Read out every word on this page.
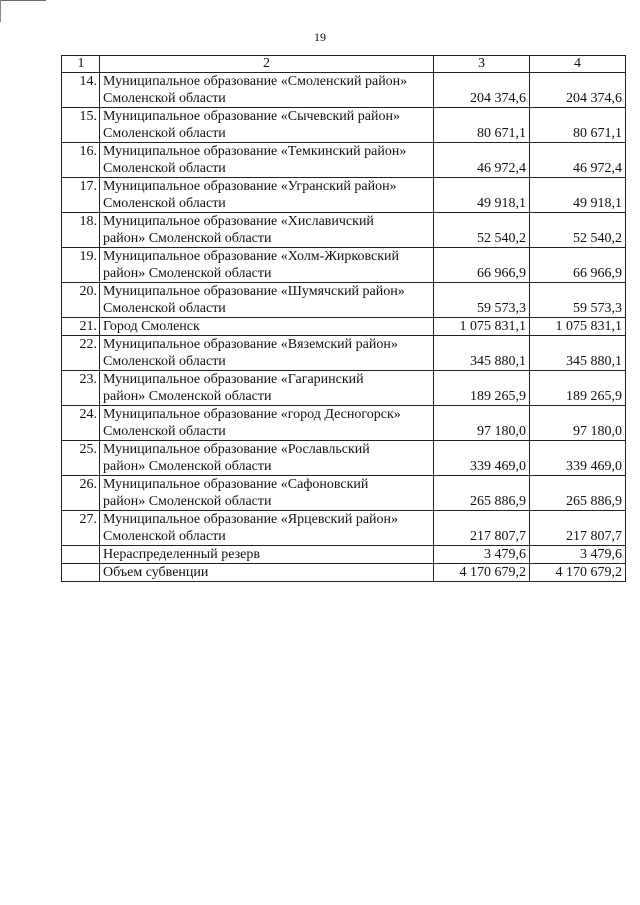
19
1	2	3	4
14.	Муниципальное образование «Смоленский район»
Смоленской области	204 374,6	204 374,6
15.	Муниципальное образование «Сычевский район»
Смоленской области	80 671,1	80 671,1
16.	Муниципальное образование «Темкинский район»
Смоленской области	46 972,4	46 972,4
17.	Муниципальное образование «Угранский район»
Смоленской области	49 918,1	49 918,1
18.	Муниципальное образование «Хиславичский
район» Смоленской области	52 540,2	52 540,2
19.	Муниципальное образование «Холм-Жирковский
район» Смоленской области	66 966,9	66 966,9
20.	Муниципальное образование «Шумячский район»
Смоленской области	59 573,3	59 573,3
21.	Город Смоленск	1 075 831,1	1 075 831,1
22.	Муниципальное образование «Вяземский район»
Смоленской области	345 880,1	345 880,1
23.	Муниципальное образование «Гагаринский
район» Смоленской области	189 265,9	189 265,9
24.	Муниципальное образование «город Десногорск»
Смоленской области	97 180,0	97 180,0
25.	Муниципальное образование «Рославльский
район» Смоленской области	339 469,0	339 469,0
26.	Муниципальное образование «Сафоновский
район» Смоленской области	265 886,9	265 886,9
27.	Муниципальное образование «Ярцевский район»
Смоленской области	217 807,7	217 807,7

	Нераспределенный резерв	3 479,6	3 479,6

	Объем субвенции	4 170 679,2	4 170 679,2
